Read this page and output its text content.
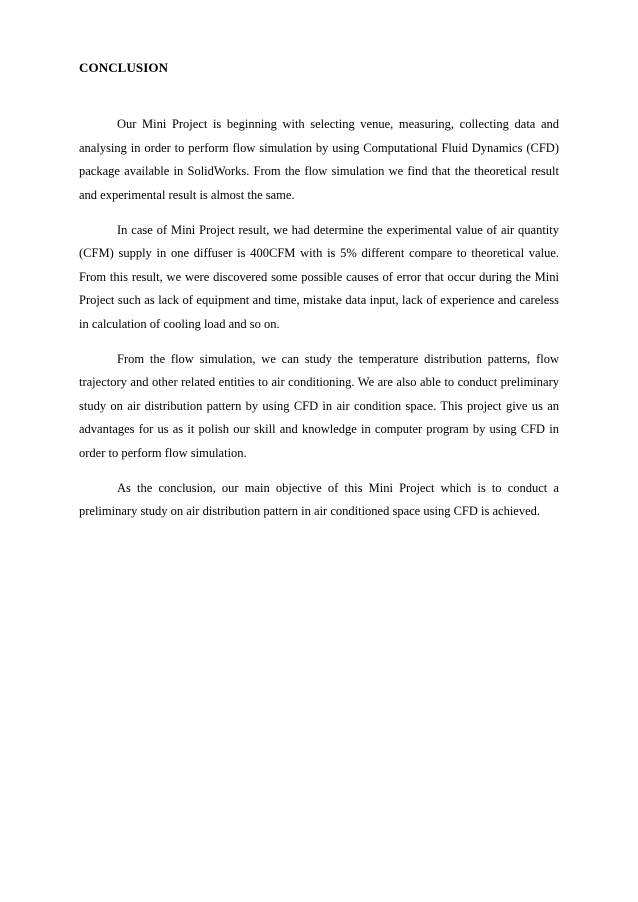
CONCLUSION

Our Mini Project is beginning with selecting venue, measuring, collecting data and analysing in order to perform flow simulation by using Computational Fluid Dynamics (CFD) package available in SolidWorks. From the flow simulation we find that the theoretical result and experimental result is almost the same.

In case of Mini Project result, we had determine the experimental value of air quantity (CFM) supply in one diffuser is 400CFM with is 5% different compare to theoretical value. From this result, we were discovered some possible causes of error that occur during the Mini Project such as lack of equipment and time, mistake data input, lack of experience and careless in calculation of cooling load and so on.

From the flow simulation, we can study the temperature distribution patterns, flow trajectory and other related entities to air conditioning. We are also able to conduct preliminary study on air distribution pattern by using CFD in air condition space. This project give us an advantages for us as it polish our skill and knowledge in computer program by using CFD in order to perform flow simulation.

As the conclusion, our main objective of this Mini Project which is to conduct a preliminary study on air distribution pattern in air conditioned space using CFD is achieved.
